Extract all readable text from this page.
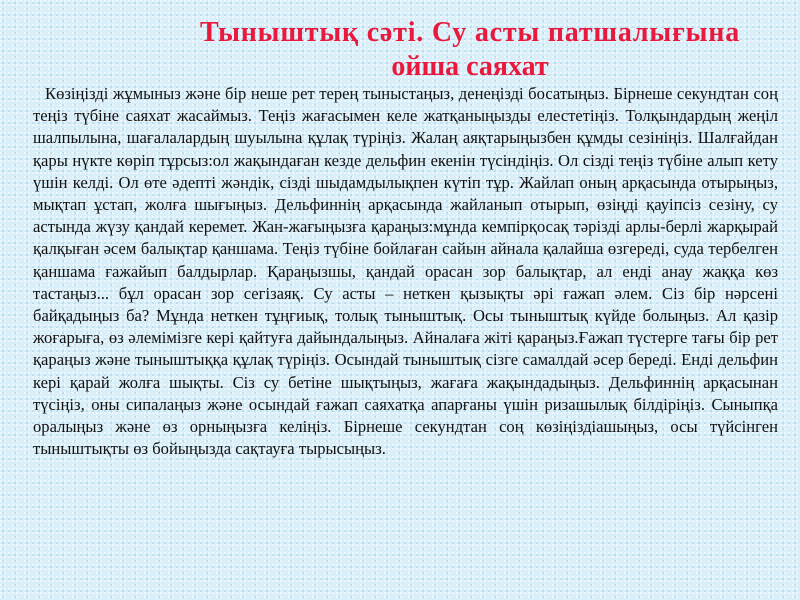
Тыныштық сәті. Су асты патшалығына
ойша саяхат
Көзіңізді жұмыныз және бір неше рет терең тыныстаңыз, денеңізді босатыңыз. Бірнеше секундтан соң теңіз түбіне саяхат жасаймыз. Теңіз жағасымен келе жатқаныңызды елестетіңіз. Толқындардың жеңіл шалпылына, шағалалардың шуылына құлақ түріңіз. Жалаң аяқтарыңызбен құмды сезініңіз. Шалғайдан қары нүкте көріп тұрсыз:ол жақындаған кезде дельфин екенін түсіндіңіз. Ол сізді теңіз түбіне алып кету үшін келді. Ол өте әдепті жәндік, сізді шыдамдылықпен күтіп тұр. Жайлап оның арқасында отырыңыз, мықтап ұстап, жолға шығыңыз. Дельфиннің арқасында жайланып отырып, өзіңді қауіпсіз сезіну, су астында жүзу қандай керемет. Жан-жағыңызға қараңыз:мұнда кемпірқосақ тәрізді арлы-берлі жарқырай қалқыған әсем балықтар қаншама. Теңіз түбіне бойлаған сайын айнала қалайша өзгереді, суда тербелген қаншама ғажайып балдырлар. Қараңызшы, қандай орасан зор балықтар, ал енді анау жаққа көз тастаңыз... бұл орасан зор сегізаяқ. Су асты – неткен қызықты әрі ғажап әлем. Сіз бір нәрсені байқадыңыз ба? Мұнда неткен тұңғиық, толық тыныштық. Осы тыныштық күйде болыңыз. Ал қазір жоғарыға, өз әлемімізге кері қайтуға дайындалыңыз. Айналаға жіті қараңыз.Ғажап түстерге тағы бір рет қараңыз және тыныштыққа құлақ түріңіз. Осындай тыныштық сізге самалдай әсер береді. Енді дельфин кері қарай жолға шықты. Сіз су бетіне шықтыңыз, жағаға жақындадыңыз. Дельфиннің арқасынан түсіңіз, оны сипалаңыз және осындай ғажап саяхатқа апарғаны үшін ризашылық білдіріңіз. Сыныпқа оралыңыз және өз орныңызға келіңіз. Бірнеше секундтан соң көзіңіздіашыңыз, осы түйсінген тыныштықты өз бойыңызда сақтауға тырысыңыз.
